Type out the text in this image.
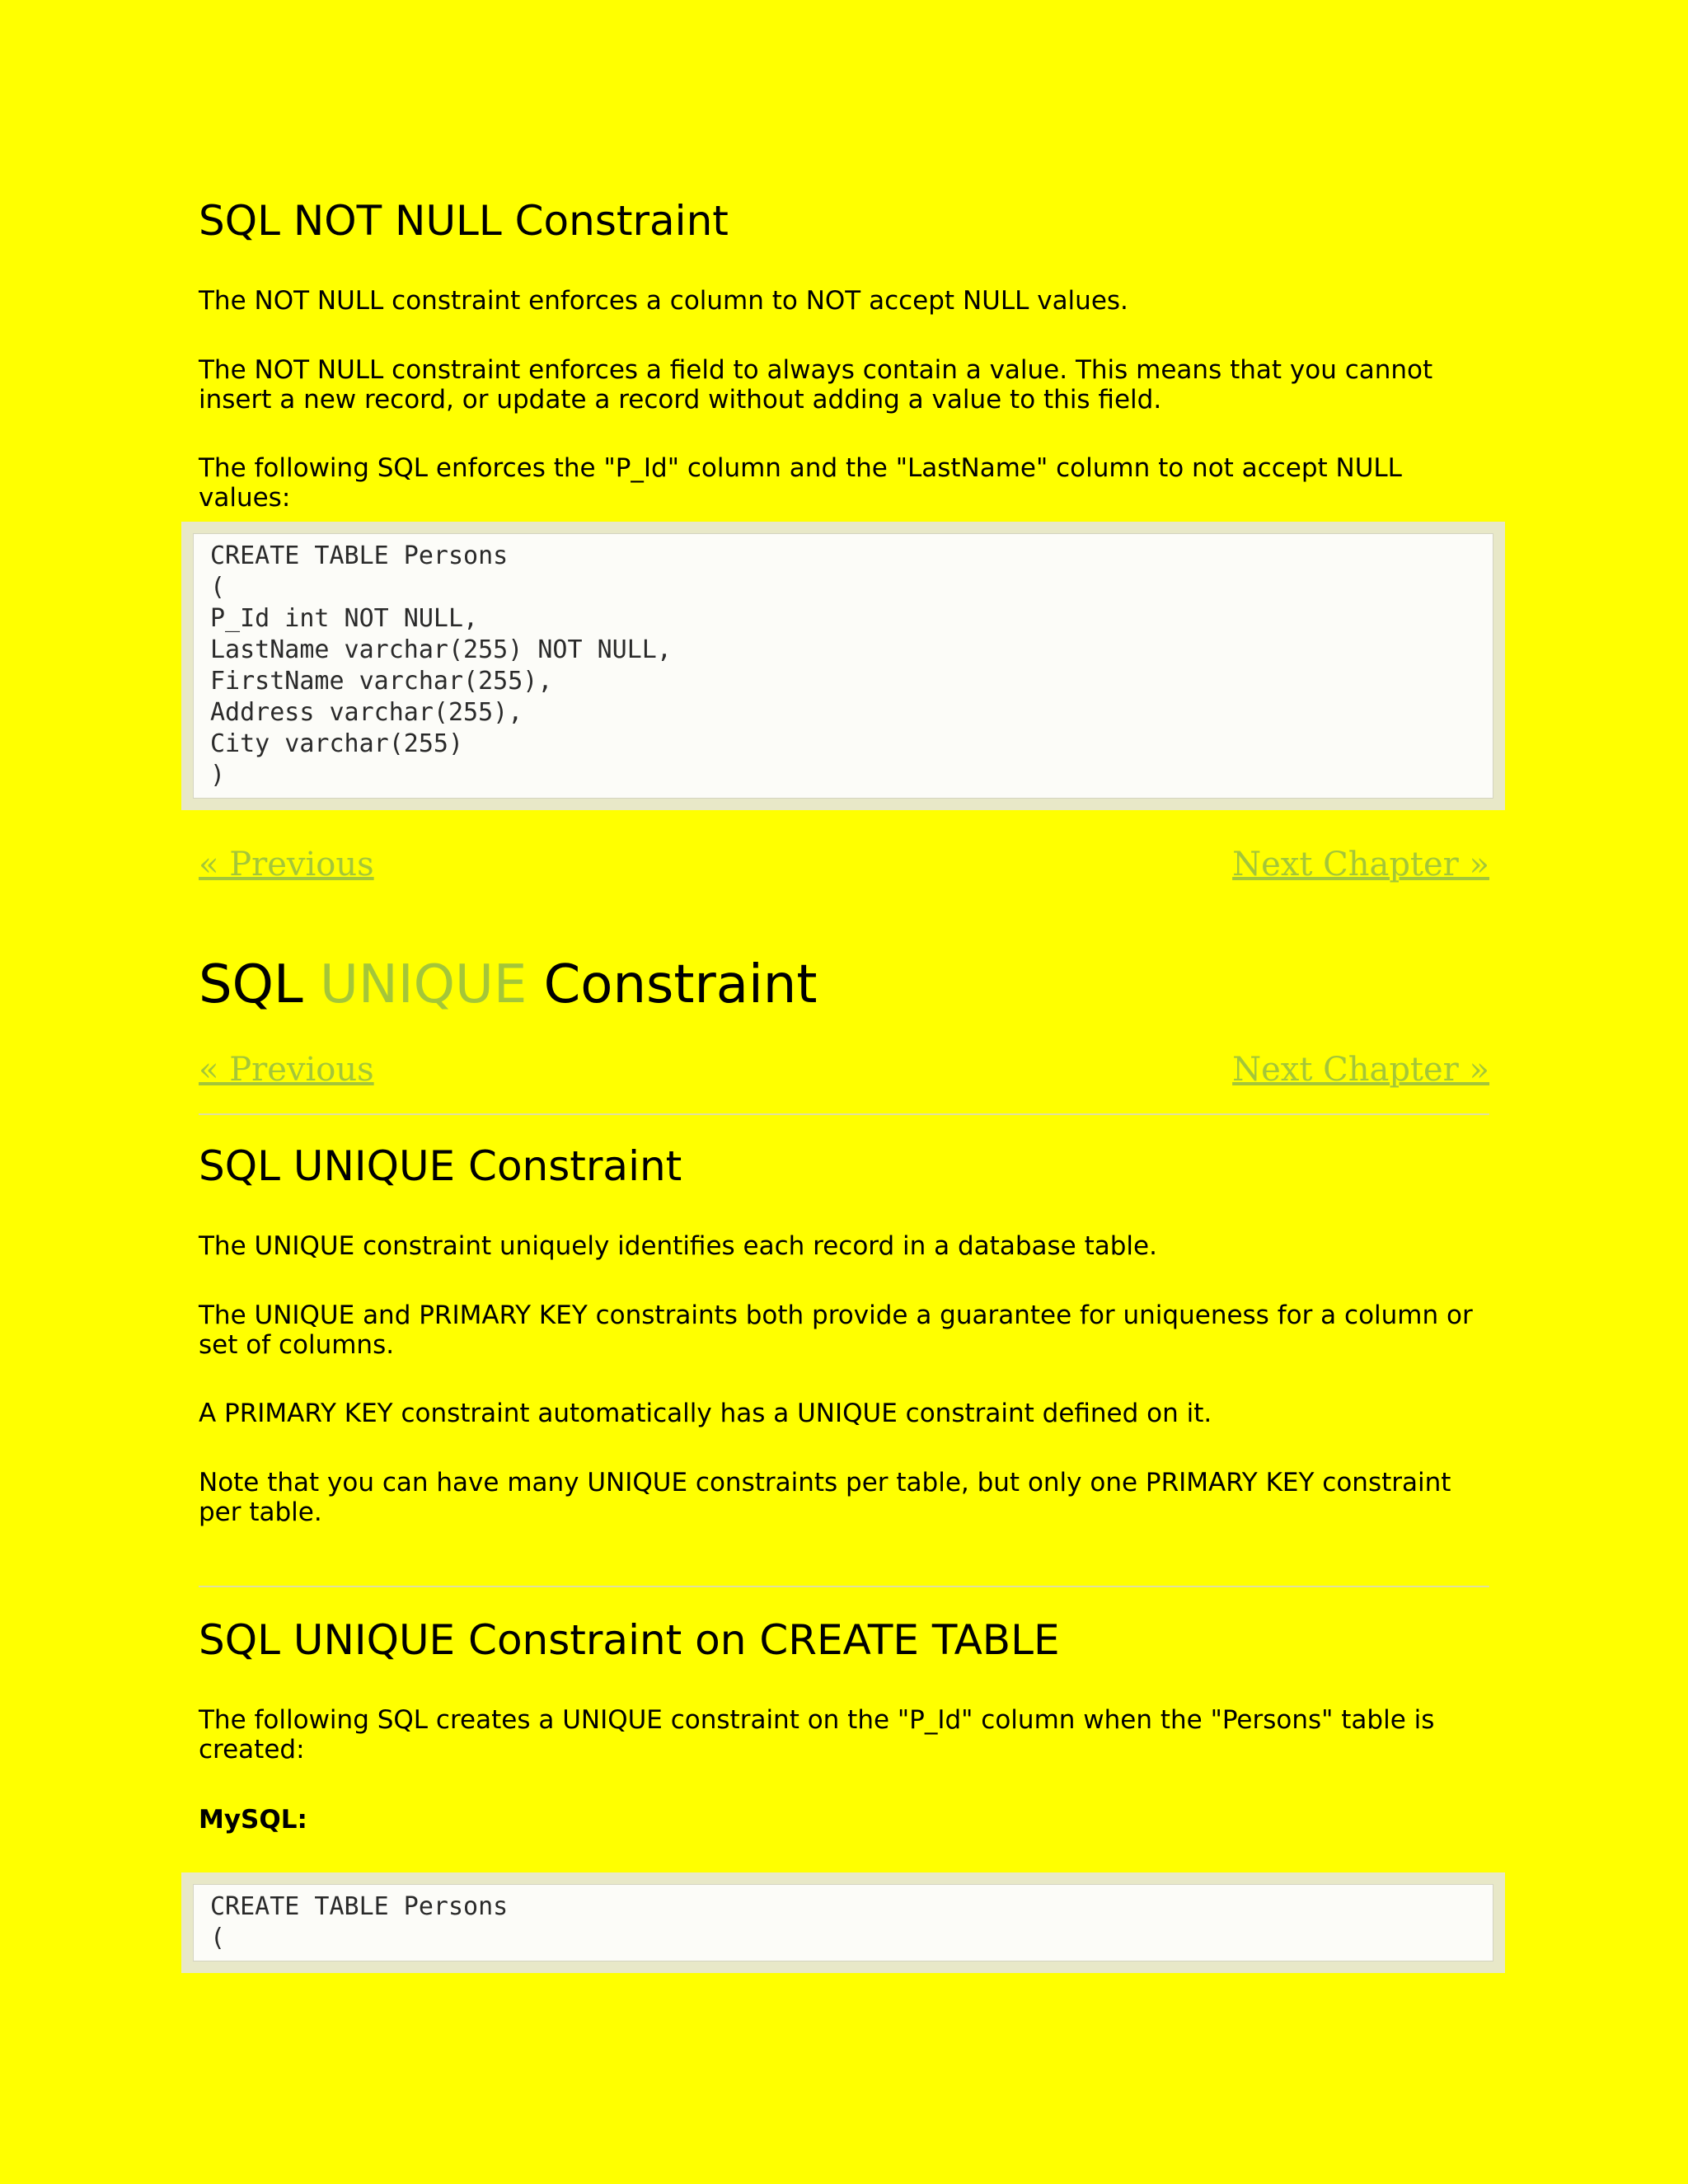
SQL NOT NULL Constraint

The NOT NULL constraint enforces a column to NOT accept NULL values.

The NOT NULL constraint enforces a field to always contain a value. This means that you cannot insert a new record, or update a record without adding a value to this field.

The following SQL enforces the "P_Id" column and the "LastName" column to not accept NULL values:

« Previous	Next Chapter »
SQL UNIQUE Constraint
« Previous	Next Chapter »
SQL UNIQUE Constraint

The UNIQUE constraint uniquely identifies each record in a database table.

The UNIQUE and PRIMARY KEY constraints both provide a guarantee for uniqueness for a column or set of columns.

A PRIMARY KEY constraint automatically has a UNIQUE constraint defined on it.

Note that you can have many UNIQUE constraints per table, but only one PRIMARY KEY constraint per table.

SQL UNIQUE Constraint on CREATE TABLE

The following SQL creates a UNIQUE constraint on the "P_Id" column when the "Persons" table is created:

MySQL:

CREATE TABLE Persons
(
P_Id int NOT NULL,
LastName varchar(255) NOT NULL,
FirstName varchar(255),
Address varchar(255),
City varchar(255)
)
CREATE TABLE Persons
(
